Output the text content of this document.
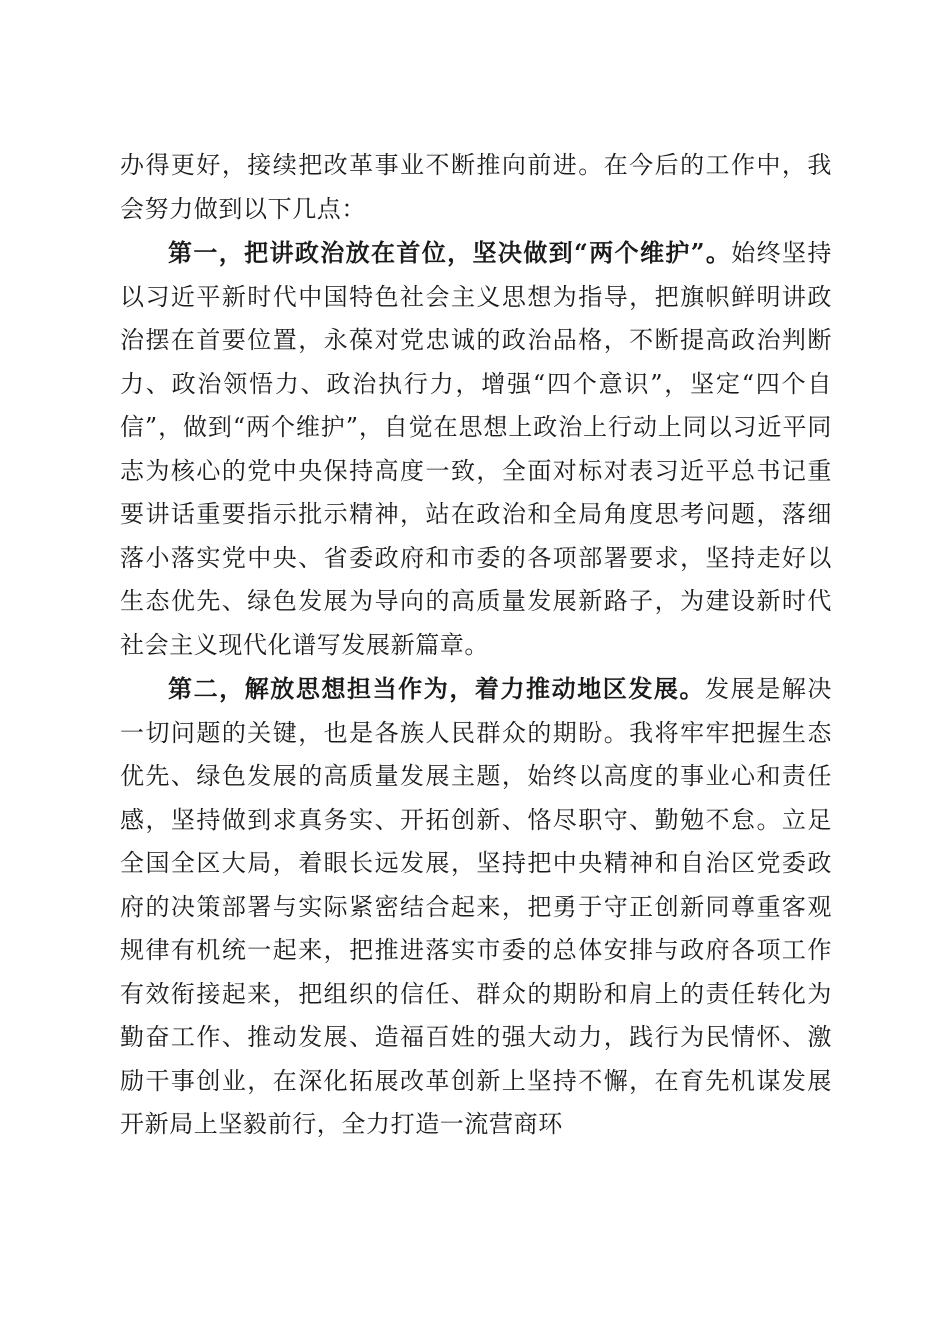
办得更好，接续把改革事业不断推向前进。在今后的工作中，我会努力做到以下几点：

第一，把讲政治放在首位，坚决做到“两个维护”。始终坚持以习近平新时代中国特色社会主义思想为指导，把旗帜鲜明讲政治摆在首要位置，永葆对党忠诚的政治品格，不断提高政治判断力、政治领悟力、政治执行力，增强“四个意识”，坚定“四个自信”，做到“两个维护”，自觉在思想上政治上行动上同以习近平同志为核心的党中央保持高度一致，全面对标对表习近平总书记重要讲话重要指示批示精神，站在政治和全局角度思考问题，落细落小落实党中央、省委政府和市委的各项部署要求，坚持走好以生态优先、绿色发展为导向的高质量发展新路子，为建设新时代社会主义现代化谱写发展新篇章。

第二，解放思想担当作为，着力推动地区发展。发展是解决一切问题的关键，也是各族人民群众的期盼。我将牢牢把握生态优先、绿色发展的高质量发展主题，始终以高度的事业心和责任感，坚持做到求真务实、开拓创新、恪尽职守、勤勉不怠。立足全国全区大局，着眼长远发展，坚持把中央精神和自治区党委政府的决策部署与实际紧密结合起来，把勇于守正创新同尊重客观规律有机统一起来，把推进落实市委的总体安排与政府各项工作有效衔接起来，把组织的信任、群众的期盼和肩上的责任转化为勤奋工作、推动发展、造福百姓的强大动力，践行为民情怀、激励干事创业，在深化拓展改革创新上坚持不懈，在育先机谋发展开新局上坚毅前行，全力打造一流营商环
